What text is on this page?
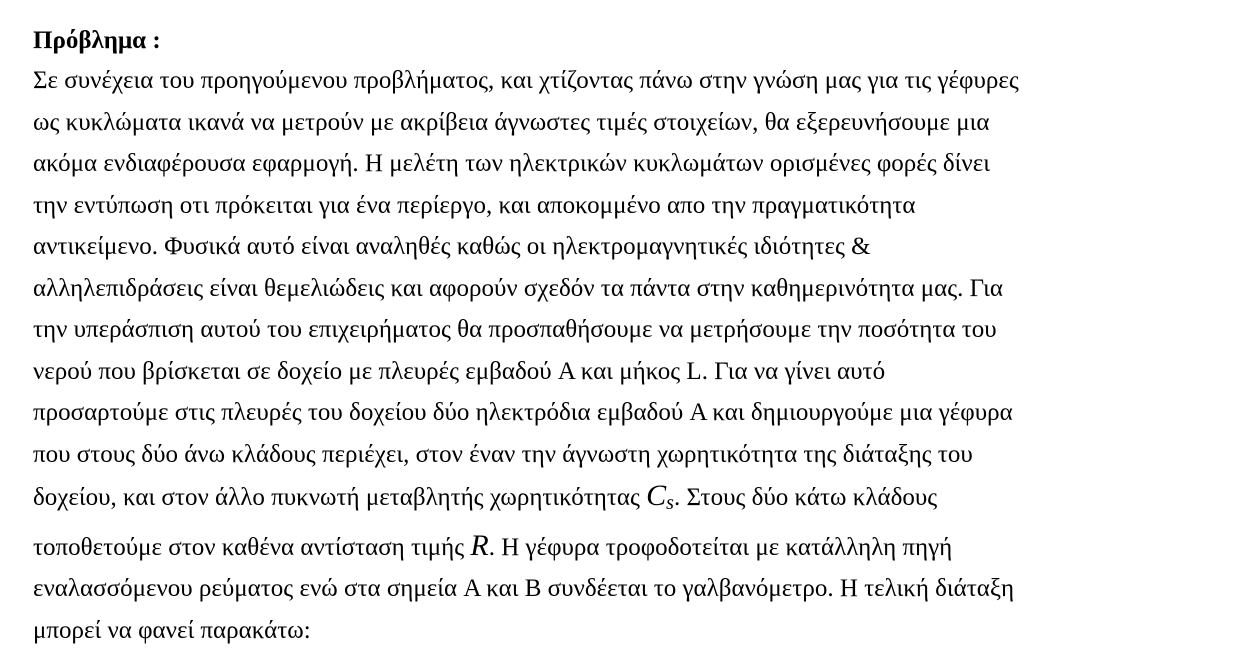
Πρόβλημα :

Σε συνέχεια του προηγούμενου προβλήματος, και χτίζοντας πάνω στην γνώση μας για τις γέφυρες
ως κυκλώματα ικανά να μετρούν με ακρίβεια άγνωστες τιμές στοιχείων, θα εξερευνήσουμε μια
ακόμα ενδιαφέρουσα εφαρμογή. Η μελέτη των ηλεκτρικών κυκλωμάτων ορισμένες φορές δίνει
την εντύπωση οτι πρόκειται για ένα περίεργο, και αποκομμένο απο την πραγματικότητα
αντικείμενο. Φυσικά αυτό είναι αναληθές καθώς οι ηλεκτρομαγνητικές ιδιότητες &
αλληλεπιδράσεις είναι θεμελιώδεις και αφορούν σχεδόν τα πάντα στην καθημερινότητα μας. Για
την υπεράσπιση αυτού του επιχειρήματος θα προσπαθήσουμε να μετρήσουμε την ποσότητα του
νερού που βρίσκεται σε δοχείο με πλευρές εμβαδού A και μήκος L. Για να γίνει αυτό
προσαρτούμε στις πλευρές του δοχείου δύο ηλεκτρόδια εμβαδού A και δημιουργούμε μια γέφυρα
που στους δύο άνω κλάδους περιέχει, στον έναν την άγνωστη χωρητικότητα της διάταξης του
δοχείου, και στον άλλο πυκνωτή μεταβλητής χωρητικότητας Cs. Στους δύο κάτω κλάδους
τοποθετούμε στον καθένα αντίσταση τιμής R. Η γέφυρα τροφοδοτείται με κατάλληλη πηγή
εναλασσόμενου ρεύματος ενώ στα σημεία A και B συνδέεται το γαλβανόμετρο. Η τελική διάταξη
μπορεί να φανεί παρακάτω:
